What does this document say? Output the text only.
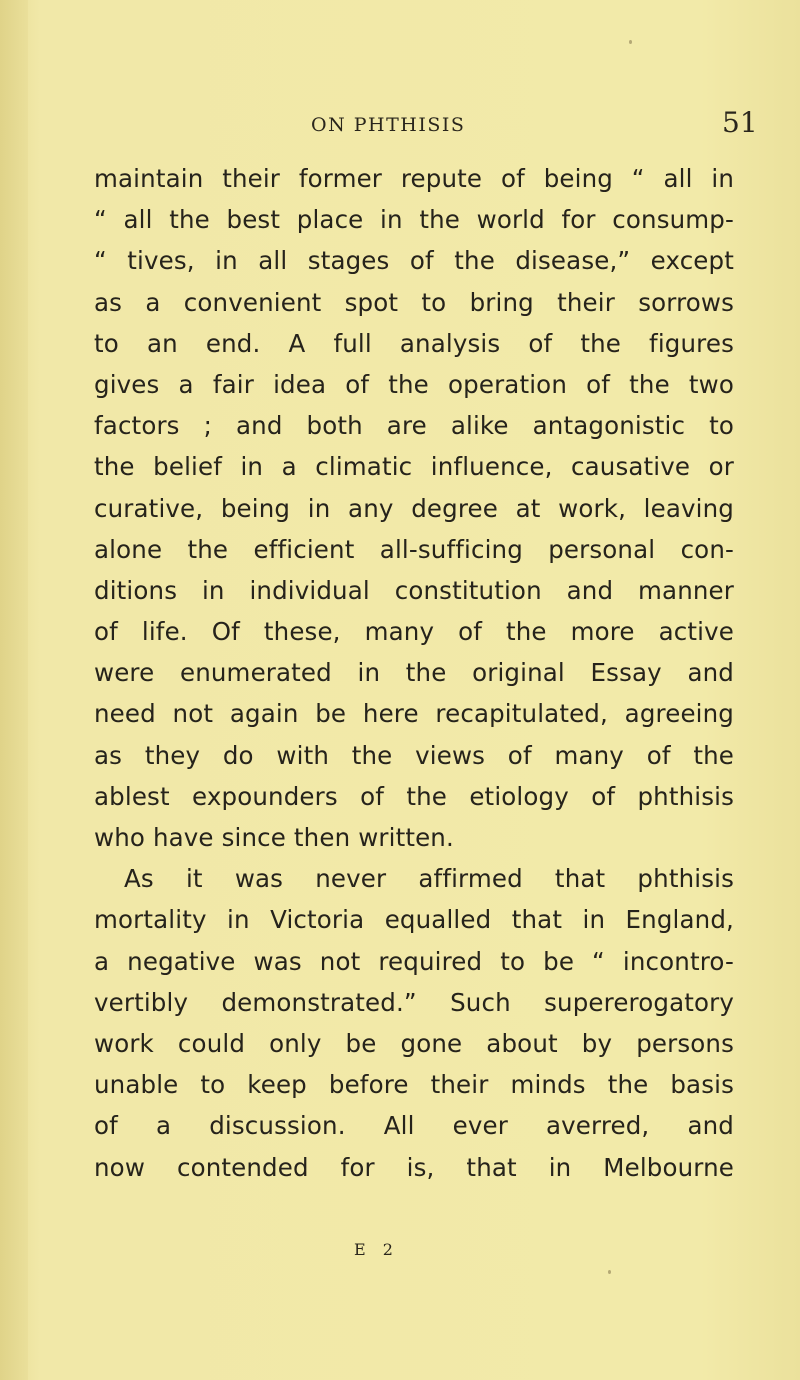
ON PHTHISIS	51
maintain their former repute of being “ all in
“ all the best place in the world for consump-
“ tives, in all stages of the disease,” except
as a convenient spot to bring their sorrows
to an end. A full analysis of the figures
gives a fair idea of the operation of the two
factors ; and both are alike antagonistic to
the belief in a climatic influence, causative or
curative, being in any degree at work, leaving
alone the efficient all-sufficing personal con-
ditions in individual constitution and manner
of life. Of these, many of the more active
were enumerated in the original Essay and
need not again be here recapitulated, agreeing
as they do with the views of many of the
ablest expounders of the etiology of phthisis
who have since then written.
As it was never affirmed that phthisis
mortality in Victoria equalled that in England,
a negative was not required to be “ incontro-
vertibly demonstrated.” Such supererogatory
work could only be gone about by persons
unable to keep before their minds the basis
of a discussion. All ever averred, and
now contended for is, that in Melbourne
E 2
